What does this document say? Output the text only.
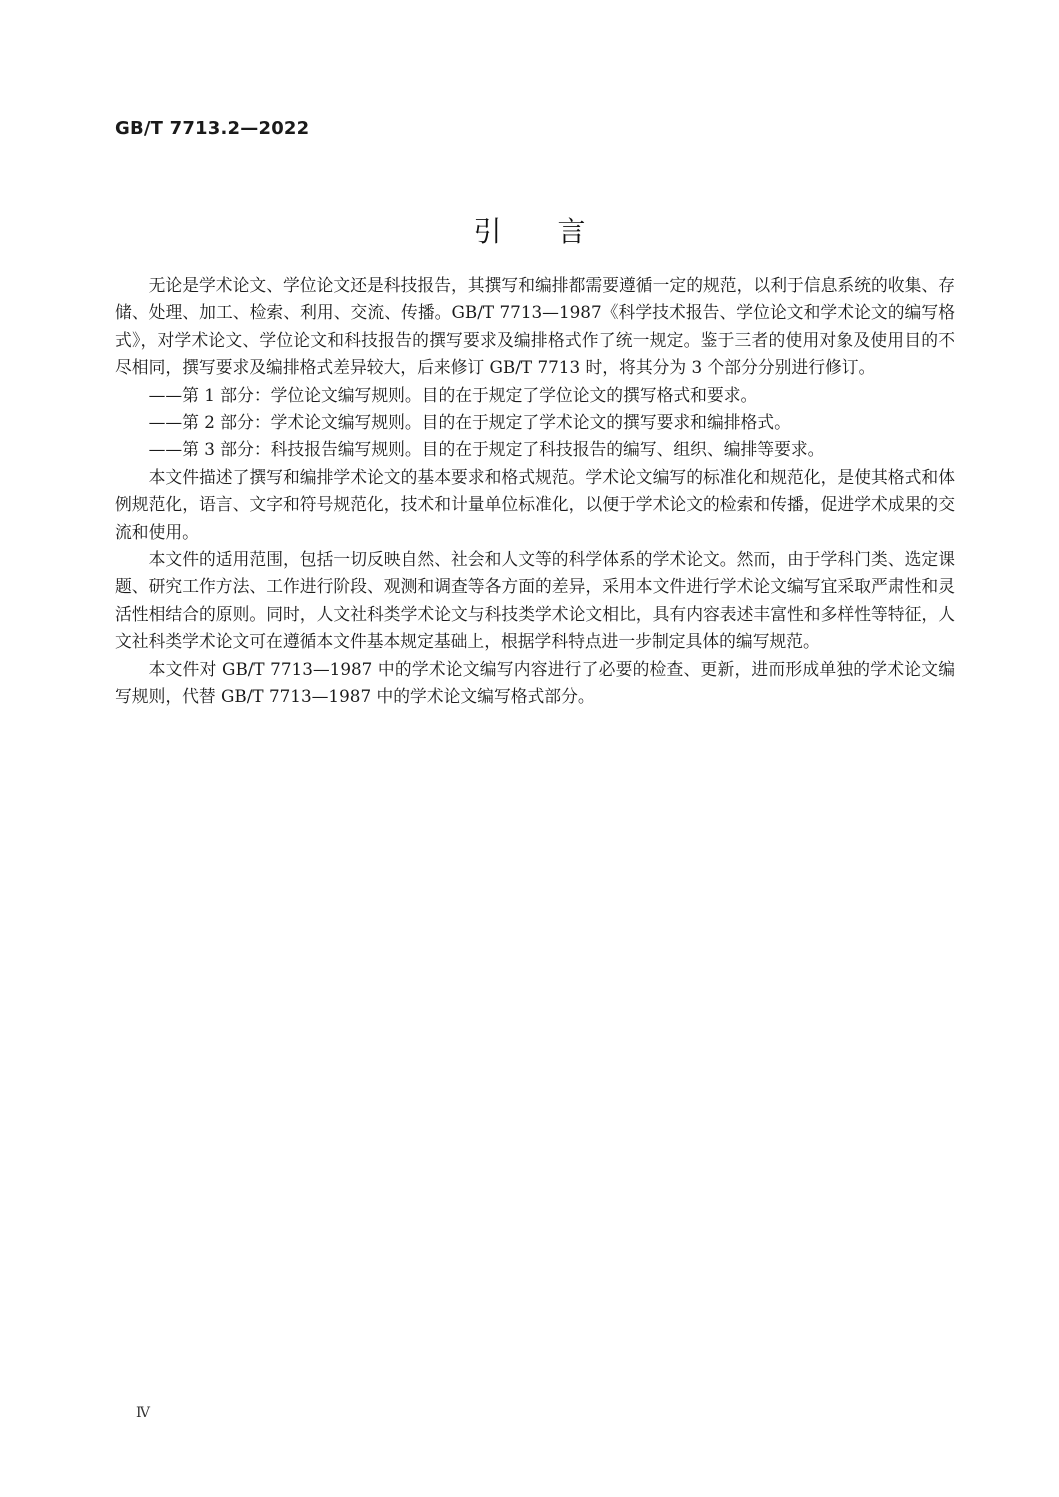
GB/T 7713.2—2022
引言

无论是学术论文、学位论文还是科技报告，其撰写和编排都需要遵循一定的规范，以利于信息系统的收集、存储、处理、加工、检索、利用、交流、传播。GB/T 7713—1987《科学技术报告、学位论文和学术论文的编写格式》，对学术论文、学位论文和科技报告的撰写要求及编排格式作了统一规定。鉴于三者的使用对象及使用目的不尽相同，撰写要求及编排格式差异较大，后来修订 GB/T 7713 时，将其分为 3 个部分分别进行修订。

——第 1 部分：学位论文编写规则。目的在于规定了学位论文的撰写格式和要求。

——第 2 部分：学术论文编写规则。目的在于规定了学术论文的撰写要求和编排格式。

——第 3 部分：科技报告编写规则。目的在于规定了科技报告的编写、组织、编排等要求。

本文件描述了撰写和编排学术论文的基本要求和格式规范。学术论文编写的标准化和规范化，是使其格式和体例规范化，语言、文字和符号规范化，技术和计量单位标准化，以便于学术论文的检索和传播，促进学术成果的交流和使用。

本文件的适用范围，包括一切反映自然、社会和人文等的科学体系的学术论文。然而，由于学科门类、选定课题、研究工作方法、工作进行阶段、观测和调查等各方面的差异，采用本文件进行学术论文编写宜采取严肃性和灵活性相结合的原则。同时，人文社科类学术论文与科技类学术论文相比，具有内容表述丰富性和多样性等特征，人文社科类学术论文可在遵循本文件基本规定基础上，根据学科特点进一步制定具体的编写规范。

本文件对 GB/T 7713—1987 中的学术论文编写内容进行了必要的检查、更新，进而形成单独的学术论文编写规则，代替 GB/T 7713—1987 中的学术论文编写格式部分。

Ⅳ
